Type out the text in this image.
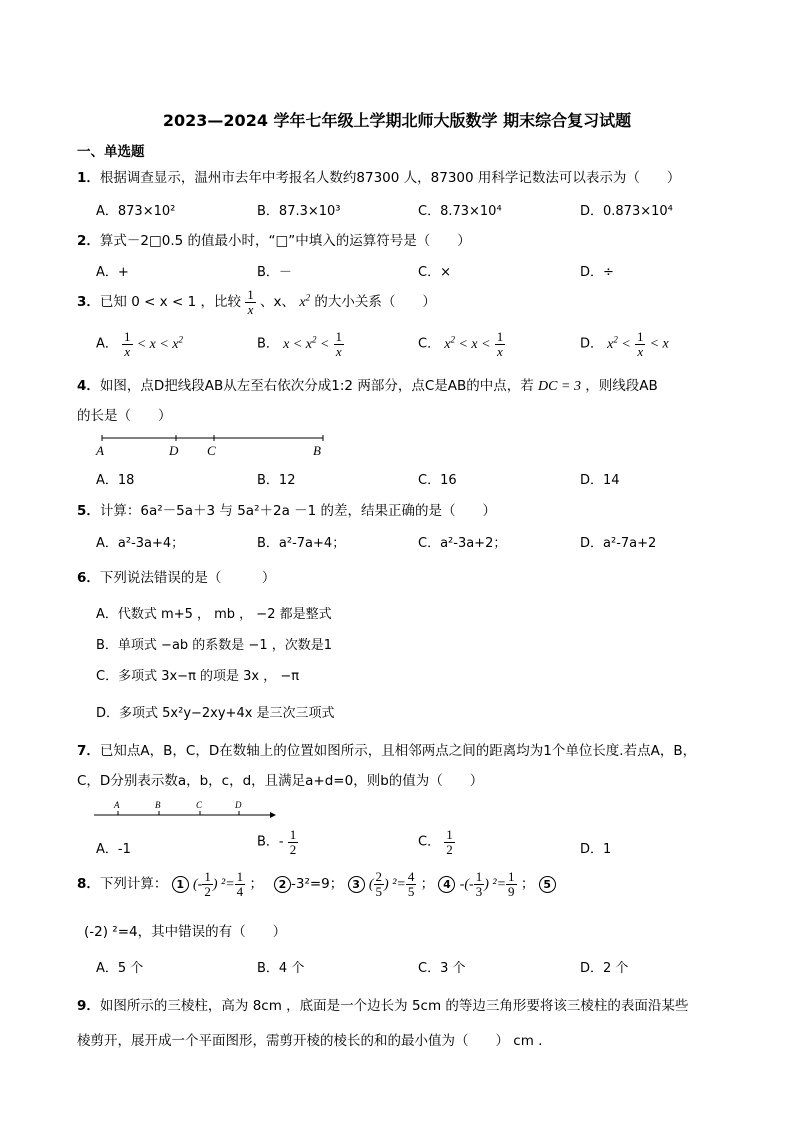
2023—2024 学年七年级上学期北师大版数学 期末综合复习试题
一、单选题
1．根据调查显示，温州市去年中考报名人数约87300 人，87300 用科学记数法可以表示为（　　）
A．873×10²	B．87.3×10³	C．8.73×10⁴	D．0.873×10⁴
2．算式－2□0.5 的值最小时，“□”中填入的运算符号是（　　）
A．+	B．－	C．×	D．÷
3．已知 0 < x < 1 ，比较 $\frac{1}{x}$ 、x、 $x^2$ 的大小关系（　　）
A． $\frac{1}{x} < x < x^2$	B． $x < x^2 < \frac{1}{x}$	C． $x^2 < x < \frac{1}{x}$	D． $x^2 < \frac{1}{x} < x$
4．如图，点D把线段AB从左至右依次分成1:2 两部分，点C是AB的中点，若 DC = 3 ，则线段AB
的长是（　　）
A	D C	B
A．18	B．12	C．16	D．14
5．计算：6a²－5a＋3 与 5a²＋2a －1 的差，结果正确的是（　　）
A．a²-3a+4；	B．a²-7a+4；	C．a²-3a+2；	D．a²-7a+2
6．下列说法错误的是（　　　）
A．代数式 m+5 ， mb ， −2 都是整式
B．单项式 −ab 的系数是 −1 ，次数是1
C．多项式 3x−π 的项是 3x ， −π
D．多项式 5x²y−2xy+4x 是三次三项式
7．已知点A，B，C，D在数轴上的位置如图所示，且相邻两点之间的距离均为1个单位长度.若点A，B，
C，D分别表示数a，b，c，d，且满足a+d=0，则b的值为（　　）
A	B	C	D
A．-1	B．- $\frac{1}{2}$	C． $\frac{1}{2}$	D．1
8．下列计算： 1 (- $\frac{1}{2}$ ) $^2= \frac{1}{4}$ ；　 2 -3²=9； 3 ( $\frac{2}{5}$ ) $^2= \frac{4}{5}$ ； 4 -(- $\frac{1}{3}$ ) $^2= \frac{1}{9}$ ； 5
(-2) ²=4，其中错误的有（　　）
A．5 个	B．4 个	C．3 个	D．2 个
9．如图所示的三棱柱，高为 8cm ，底面是一个边长为 5cm 的等边三角形要将该三棱柱的表面沿某些
棱剪开，展开成一个平面图形，需剪开棱的棱长的和的最小值为（　　） cm .
